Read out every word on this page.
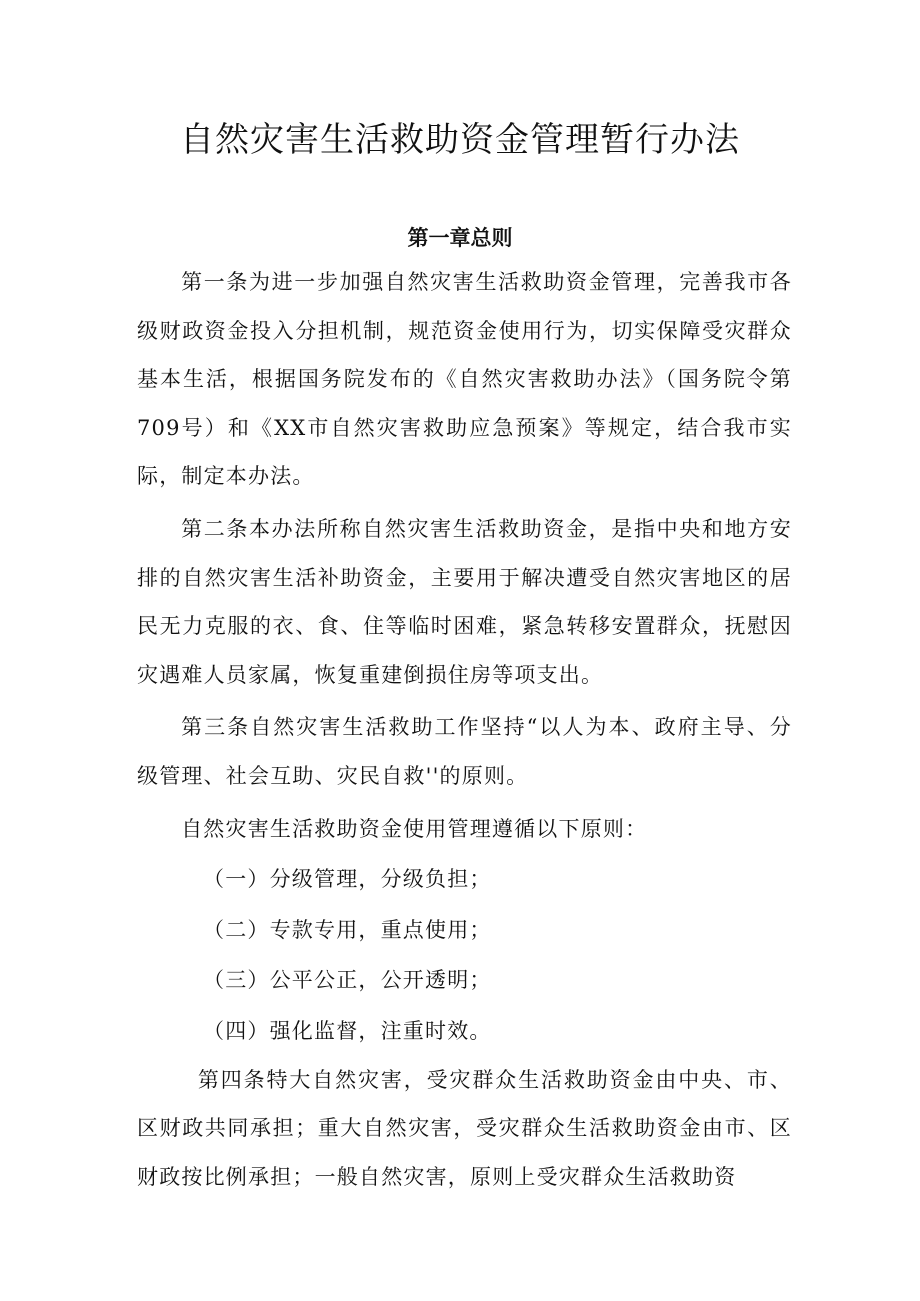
自然灾害生活救助资金管理暂行办法
第一章总则

第一条为进一步加强自然灾害生活救助资金管理，完善我市各级财政资金投入分担机制，规范资金使用行为，切实保障受灾群众基本生活，根据国务院发布的《自然灾害救助办法》（国务院令第709号）和《XX市自然灾害救助应急预案》等规定，结合我市实际，制定本办法。

第二条本办法所称自然灾害生活救助资金，是指中央和地方安排的自然灾害生活补助资金，主要用于解决遭受自然灾害地区的居民无力克服的衣、食、住等临时困难，紧急转移安置群众，抚慰因灾遇难人员家属，恢复重建倒损住房等项支出。

第三条自然灾害生活救助工作坚持“以人为本、政府主导、分级管理、社会互助、灾民自救''的原则。

自然灾害生活救助资金使用管理遵循以下原则：

（一）分级管理，分级负担；

（二）专款专用，重点使用；

（三）公平公正，公开透明；

（四）强化监督，注重时效。

第四条特大自然灾害，受灾群众生活救助资金由中央、市、区财政共同承担；重大自然灾害，受灾群众生活救助资金由市、区财政按比例承担；一般自然灾害，原则上受灾群众生活救助资
